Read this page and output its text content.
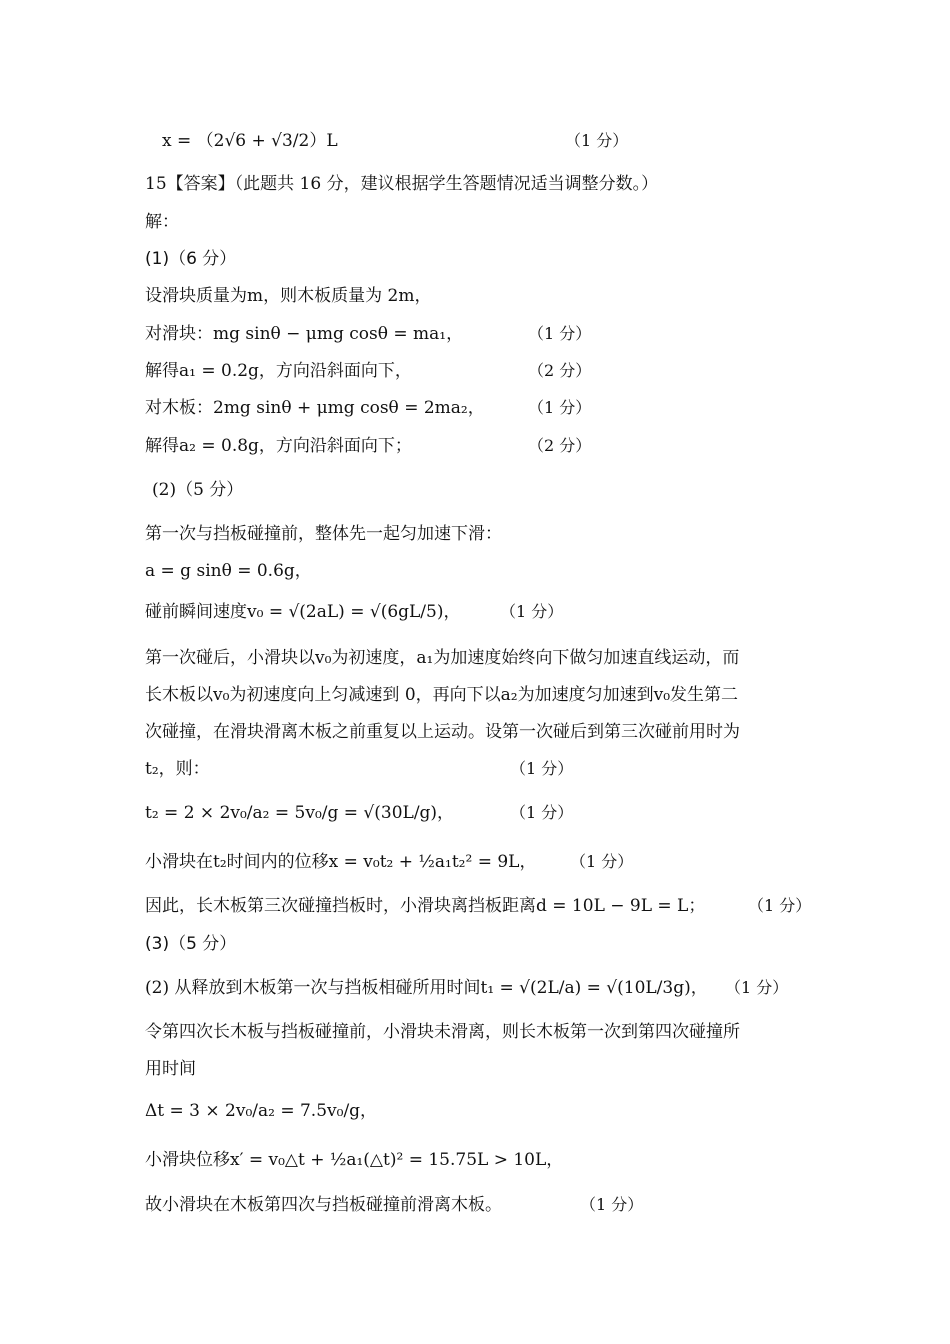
x = （2√6 + √3/2）L	（1 分）
15【答案】（此题共 16 分，建议根据学生答题情况适当调整分数。）
解：
(1)（6 分）
设滑块质量为m，则木板质量为 2m，
对滑块：mg sinθ − μmg cosθ = ma₁，	（1 分）
解得a₁ = 0.2g，方向沿斜面向下，	（2 分）
对木板：2mg sinθ + μmg cosθ = 2ma₂，	（1 分）
解得a₂ = 0.8g，方向沿斜面向下；	（2 分）
(2)（5 分）
第一次与挡板碰撞前，整体先一起匀加速下滑：
a = g sinθ = 0.6g，
碰前瞬间速度v₀ = √(2aL) = √(6gL/5)， （1 分）
第一次碰后，小滑块以v₀为初速度，a₁为加速度始终向下做匀加速直线运动，而
长木板以v₀为初速度向上匀减速到 0，再向下以a₂为加速度匀加速到v₀发生第二
次碰撞，在滑块滑离木板之前重复以上运动。设第一次碰后到第三次碰前用时为
t₂，则：	（1 分）
t₂ = 2 × 2v₀/a₂ = 5v₀/g = √(30L/g)，	（1 分）
小滑块在t₂时间内的位移x = v₀t₂ + ½a₁t₂² = 9L， （1 分）
因此，长木板第三次碰撞挡板时，小滑块离挡板距离d = 10L − 9L = L；	（1 分）
(3)（5 分）
(2) 从释放到木板第一次与挡板相碰所用时间t₁ = √(2L/a) = √(10L/3g)， （1 分）
令第四次长木板与挡板碰撞前，小滑块未滑离，则长木板第一次到第四次碰撞所
用时间
Δt = 3 × 2v₀/a₂ = 7.5v₀/g，
小滑块位移x′ = v₀△t + ½a₁(△t)² = 15.75L > 10L，
故小滑块在木板第四次与挡板碰撞前滑离木板。	（1 分）
